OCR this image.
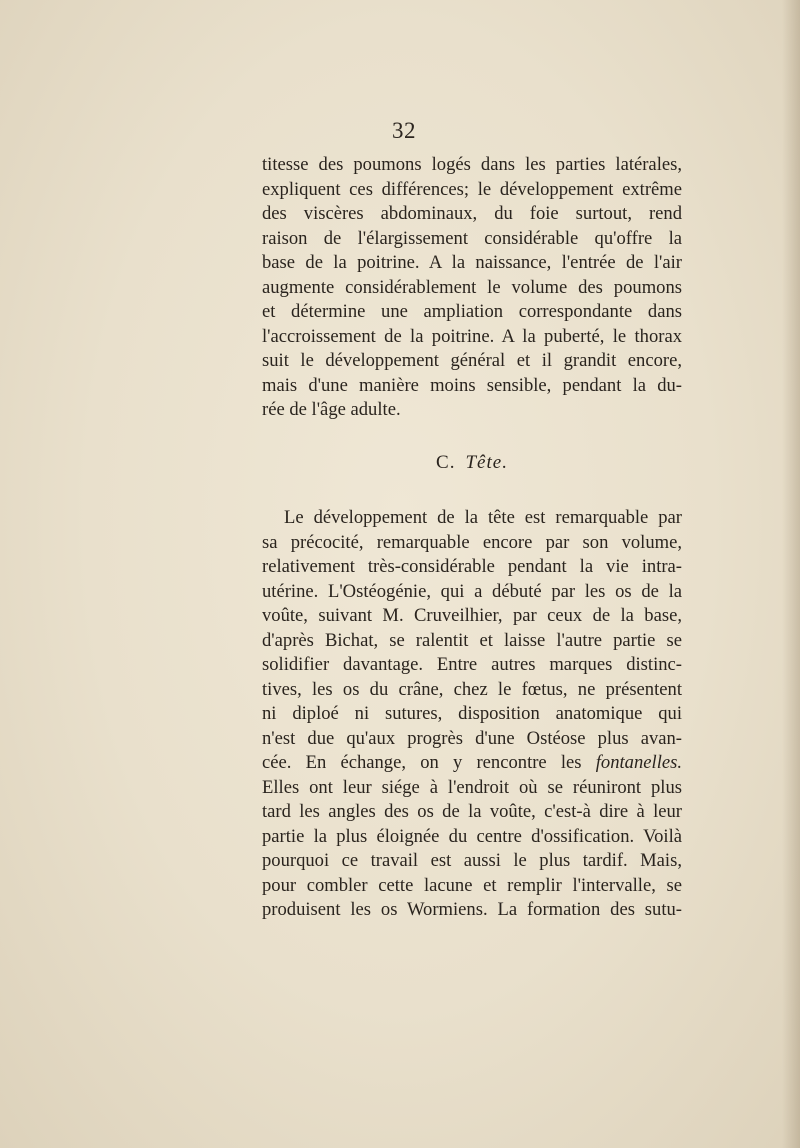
32
titesse des poumons logés dans les parties latérales,
expliquent ces différences; le développement extrême
des viscères abdominaux, du foie surtout, rend
raison de l'élargissement considérable qu'offre la
base de la poitrine. A la naissance, l'entrée de l'air
augmente considérablement le volume des poumons
et détermine une ampliation correspondante dans
l'accroissement de la poitrine. A la puberté, le thorax
suit le développement général et il grandit encore,
mais d'une manière moins sensible, pendant la du-
rée de l'âge adulte.
C. Tête.
Le développement de la tête est remarquable par
sa précocité, remarquable encore par son volume,
relativement très-considérable pendant la vie intra-
utérine. L'Ostéogénie, qui a débuté par les os de la
voûte, suivant M. Cruveilhier, par ceux de la base,
d'après Bichat, se ralentit et laisse l'autre partie se
solidifier davantage. Entre autres marques distinc-
tives, les os du crâne, chez le fœtus, ne présentent
ni diploé ni sutures, disposition anatomique qui
n'est due qu'aux progrès d'une Ostéose plus avan-
cée. En échange, on y rencontre les fontanelles.
Elles ont leur siége à l'endroit où se réuniront plus
tard les angles des os de la voûte, c'est-à dire à leur
partie la plus éloignée du centre d'ossification. Voilà
pourquoi ce travail est aussi le plus tardif. Mais,
pour combler cette lacune et remplir l'intervalle, se
produisent les os Wormiens. La formation des sutu-
